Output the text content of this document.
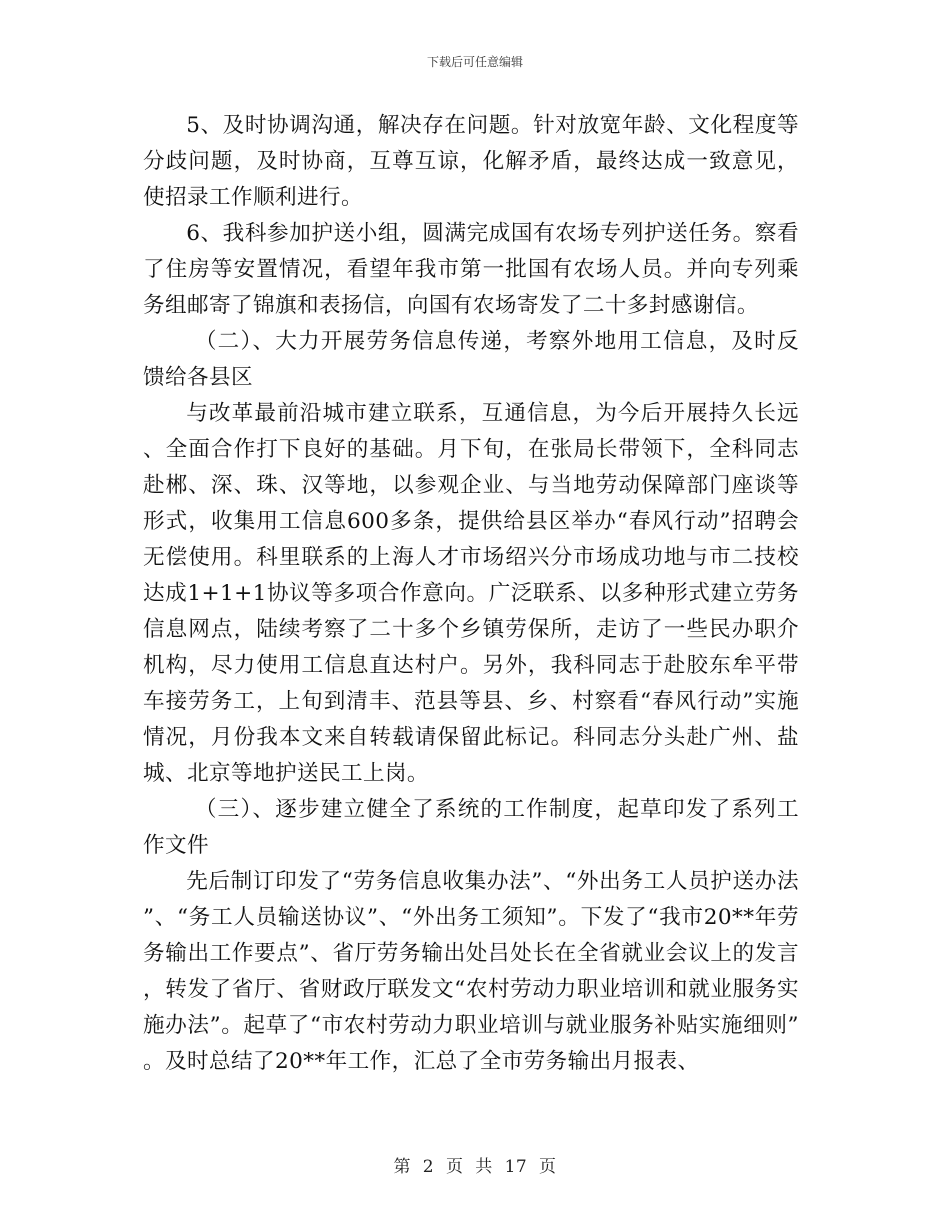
下载后可任意编辑

5、及时协调沟通，解决存在问题。针对放宽年龄、文化程度等分歧问题，及时协商，互尊互谅，化解矛盾，最终达成一致意见，使招录工作顺利进行。

6、我科参加护送小组，圆满完成国有农场专列护送任务。察看了住房等安置情况，看望年我市第一批国有农场人员。并向专列乘务组邮寄了锦旗和表扬信，向国有农场寄发了二十多封感谢信。

（二）、大力开展劳务信息传递，考察外地用工信息，及时反馈给各县区

与改革最前沿城市建立联系，互通信息，为今后开展持久长远、全面合作打下良好的基础。月下旬，在张局长带领下，全科同志赴郴、深、珠、汉等地，以参观企业、与当地劳动保障部门座谈等形式，收集用工信息600多条，提供给县区举办“春风行动”招聘会无偿使用。科里联系的上海人才市场绍兴分市场成功地与市二技校达成1+1+1协议等多项合作意向。广泛联系、以多种形式建立劳务信息网点，陆续考察了二十多个乡镇劳保所，走访了一些民办职介机构，尽力使用工信息直达村户。另外，我科同志于赴胶东牟平带车接劳务工，上旬到清丰、范县等县、乡、村察看“春风行动”实施情况，月份我本文来自转载请保留此标记。科同志分头赴广州、盐城、北京等地护送民工上岗。

（三）、逐步建立健全了系统的工作制度，起草印发了系列工作文件

先后制订印发了“劳务信息收集办法”、“外出务工人员护送办法”、“务工人员输送协议”、“外出务工须知”。下发了“我市20**年劳务输出工作要点”、省厅劳务输出处吕处长在全省就业会议上的发言，转发了省厅、省财政厅联发文“农村劳动力职业培训和就业服务实施办法”。起草了“市农村劳动力职业培训与就业服务补贴实施细则”。及时总结了20**年工作，汇总了全市劳务输出月报表、

第 2 页 共 17 页
